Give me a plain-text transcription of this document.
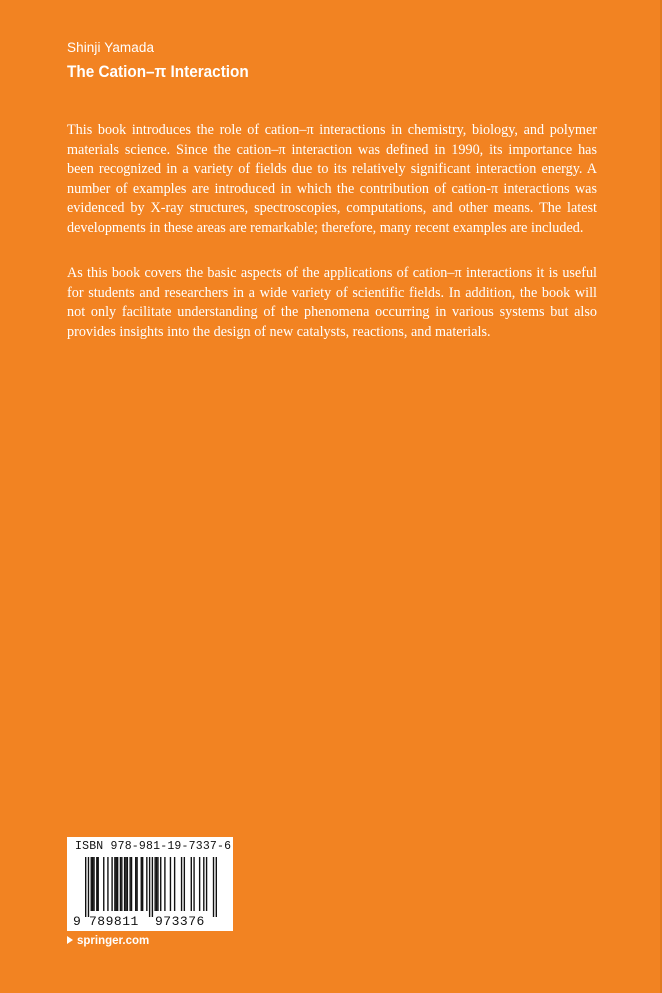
Shinji Yamada
The Cation–π Interaction

This book introduces the role of cation–π interactions in chemistry, biology, and polymer materials science. Since the cation–π interaction was defined in 1990, its importance has been recognized in a variety of fields due to its relatively significant interaction energy. A number of examples are introduced in which the contribution of cation-π interactions was evidenced by X-ray structures, spectroscopies, computations, and other means. The latest developments in these areas are remarkable; therefore, many recent examples are included.

As this book covers the basic aspects of the applications of cation–π interactions it is useful for students and researchers in a wide variety of scientific fields. In addition, the book will not only facilitate understanding of the phenomena occurring in various systems but also provides insights into the design of new catalysts, reactions, and materials.

ISBN 978-981-19-7337-6
9 789811 973376
springer.com
